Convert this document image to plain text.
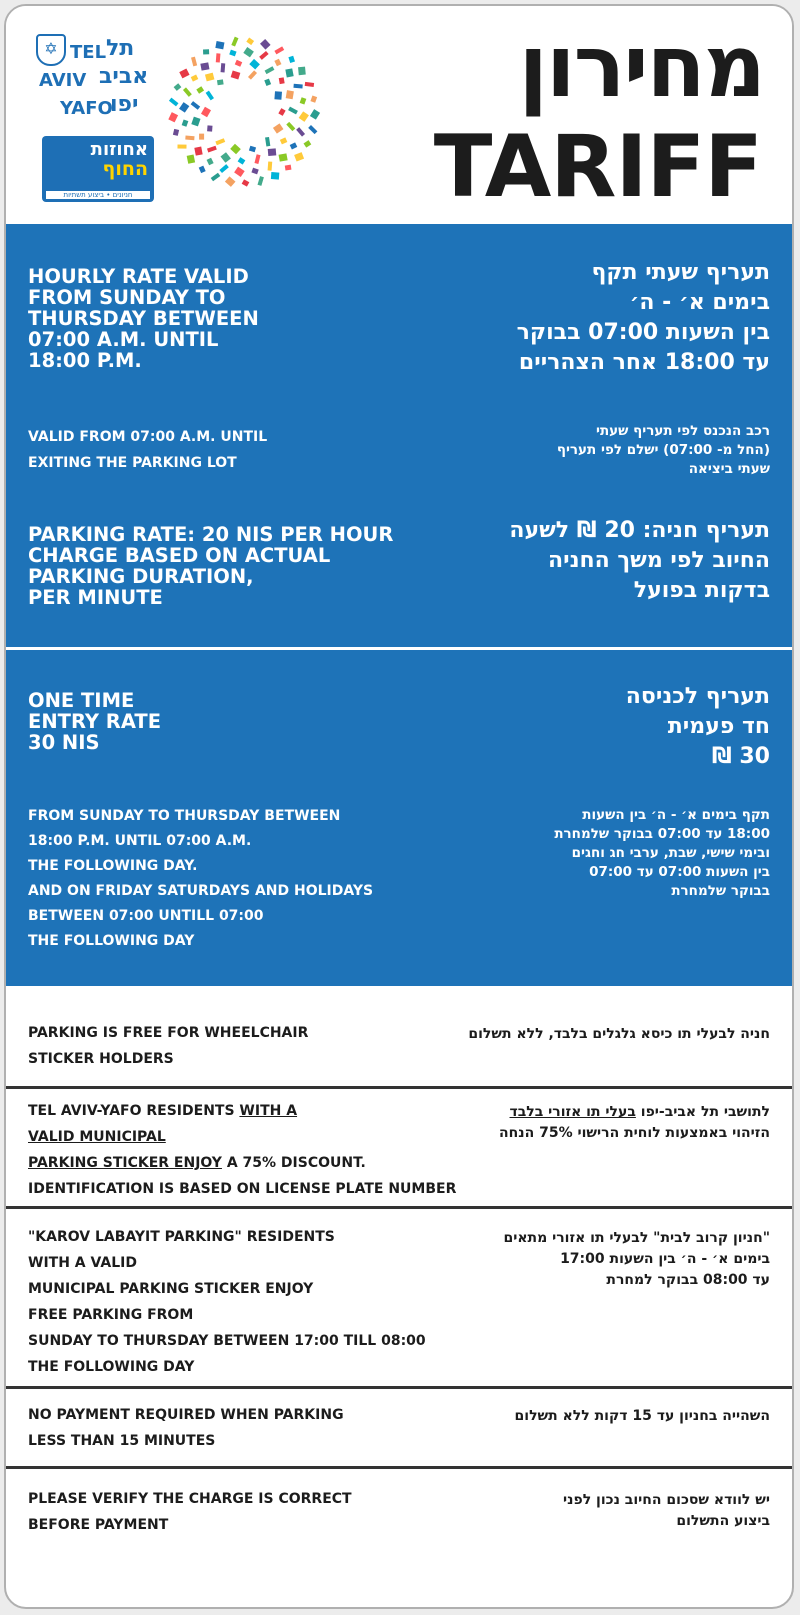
✡ TEL תל
AVIV אביב
YAFO
יפו
אחוזות
החוף
חניונים • ביצוע תשתיות
מחירון
TARIFF
HOURLY RATE VALID
FROM SUNDAY TO
THURSDAY BETWEEN
07:00 A.M. UNTIL
18:00 P.M.
תעריף שעתי תקף
בימים א׳ - ה׳
בין השעות 07:00 בבוקר
עד 18:00 אחר הצהריים
VALID FROM 07:00 A.M. UNTIL
EXITING THE PARKING LOT
רכב הנכנס לפי תעריף שעתי
(החל מ- 07:00) ישלם לפי תעריף
שעתי ביציאה
PARKING RATE: 20 NIS PER HOUR
CHARGE BASED ON ACTUAL
PARKING DURATION,
PER MINUTE
תעריף חניה: 20 ₪ לשעה
החיוב לפי משך החניה
בדקות בפועל
ONE TIME
ENTRY RATE
30 NIS
תעריף לכניסה
חד פעמית
30 ₪
FROM SUNDAY TO THURSDAY BETWEEN
18:00 P.M. UNTIL 07:00 A.M.
THE FOLLOWING DAY.
AND ON FRIDAY SATURDAYS AND HOLIDAYS
BETWEEN 07:00 UNTILL 07:00
THE FOLLOWING DAY
תקף בימים א׳ - ה׳ בין השעות
18:00 עד 07:00 בבוקר שלמחרת
ובימי שישי, שבת, ערבי חג וחגים
בין השעות 07:00 עד 07:00
בבוקר שלמחרת
PARKING IS FREE FOR WHEELCHAIR
STICKER HOLDERS
חניה לבעלי תו כיסא גלגלים בלבד, ללא תשלום
TEL AVIV-YAFO RESIDENTS WITH A
VALID MUNICIPAL
PARKING STICKER ENJOY A 75% DISCOUNT.
IDENTIFICATION IS BASED ON LICENSE PLATE NUMBER
לתושבי תל אביב-יפו בעלי תו אזורי בלבד
הזיהוי באמצעות לוחית הרישוי 75% הנחה
"KAROV LABAYIT PARKING" RESIDENTS
WITH A VALID
MUNICIPAL PARKING STICKER ENJOY
FREE PARKING FROM
SUNDAY TO THURSDAY BETWEEN 17:00 TILL 08:00
THE FOLLOWING DAY
"חניון קרוב לבית" לבעלי תו אזורי מתאים
בימים א׳ - ה׳ בין השעות 17:00
עד 08:00 בבוקר למחרת
NO PAYMENT REQUIRED WHEN PARKING
LESS THAN 15 MINUTES
השהייה בחניון עד 15 דקות ללא תשלום
PLEASE VERIFY THE CHARGE IS CORRECT
BEFORE PAYMENT
יש לוודא שסכום החיוב נכון לפני
ביצוע התשלום
